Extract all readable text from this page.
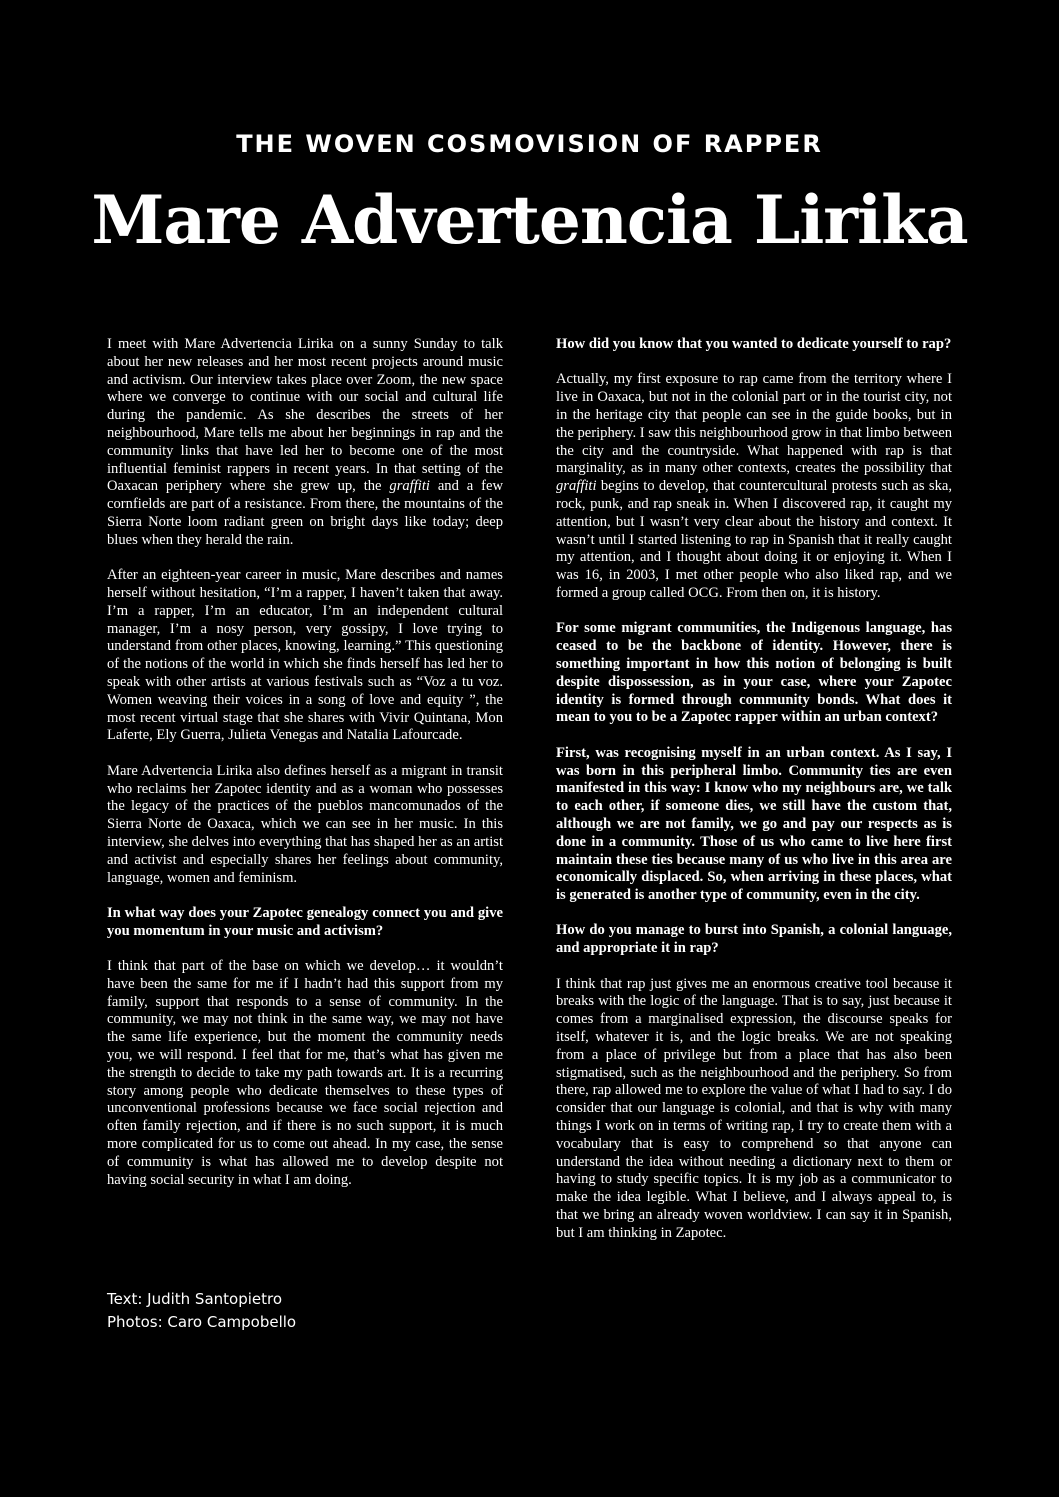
THE WOVEN COSMOVISION OF RAPPER
Mare Advertencia Lirika

I meet with Mare Advertencia Lirika on a sunny Sunday to talk about her new releases and her most recent projects around music and activism. Our interview takes place over Zoom, the new space where we converge to continue with our social and cultural life during the pandemic. As she describes the streets of her neighbourhood, Mare tells me about her beginnings in rap and the community links that have led her to become one of the most influential feminist rappers in recent years. In that setting of the Oaxacan periphery where she grew up, the graffiti and a few cornfields are part of a resistance. From there, the mountains of the Sierra Norte loom radiant green on bright days like today; deep blues when they herald the rain.

After an eighteen-year career in music, Mare describes and names herself without hesitation, “I’m a rapper, I haven’t taken that away. I’m a rapper, I’m an educator, I’m an independent cultural manager, I’m a nosy person, very gossipy, I love trying to understand from other places, knowing, learning.” This questioning of the notions of the world in which she finds herself has led her to speak with other artists at various festivals such as “Voz a tu voz. Women weaving their voices in a song of love and equity ”, the most recent virtual stage that she shares with Vivir Quintana, Mon Laferte, Ely Guerra, Julieta Venegas and Natalia Lafourcade.

Mare Advertencia Lirika also defines herself as a migrant in transit who reclaims her Zapotec identity and as a woman who possesses the legacy of the practices of the pueblos mancomunados of the Sierra Norte de Oaxaca, which we can see in her music. In this interview, she delves into everything that has shaped her as an artist and activist and especially shares her feelings about community, language, women and feminism.

In what way does your Zapotec genealogy connect you and give you momentum in your music and activism?

I think that part of the base on which we develop… it wouldn’t have been the same for me if I hadn’t had this support from my family, support that responds to a sense of community. In the community, we may not think in the same way, we may not have the same life experience, but the moment the community needs you, we will respond. I feel that for me, that’s what has given me the strength to decide to take my path towards art. It is a recurring story among people who dedicate themselves to these types of unconventional professions because we face social rejection and often family rejection, and if there is no such support, it is much more complicated for us to come out ahead. In my case, the sense of community is what has allowed me to develop despite not having social security in what I am doing.

How did you know that you wanted to dedicate yourself to rap?

Actually, my first exposure to rap came from the territory where I live in Oaxaca, but not in the colonial part or in the tourist city, not in the heritage city that people can see in the guide books, but in the periphery. I saw this neighbourhood grow in that limbo between the city and the countryside. What happened with rap is that marginality, as in many other contexts, creates the possibility that graffiti begins to develop, that countercultural protests such as ska, rock, punk, and rap sneak in. When I discovered rap, it caught my attention, but I wasn’t very clear about the history and context. It wasn’t until I started listening to rap in Spanish that it really caught my attention, and I thought about doing it or enjoying it. When I was 16, in 2003, I met other people who also liked rap, and we formed a group called OCG. From then on, it is history.

For some migrant communities, the Indigenous language, has ceased to be the backbone of identity. However, there is something important in how this notion of belonging is built despite dispossession, as in your case, where your Zapotec identity is formed through community bonds. What does it mean to you to be a Zapotec rapper within an urban context?

First, was recognising myself in an urban context. As I say, I was born in this peripheral limbo. Community ties are even manifested in this way: I know who my neighbours are, we talk to each other, if someone dies, we still have the custom that, although we are not family, we go and pay our respects as is done in a community. Those of us who came to live here first maintain these ties because many of us who live in this area are economically displaced. So, when arriving in these places, what is generated is another type of community, even in the city.

How do you manage to burst into Spanish, a colonial language, and appropriate it in rap?

I think that rap just gives me an enormous creative tool because it breaks with the logic of the language. That is to say, just because it comes from a marginalised expression, the discourse speaks for itself, whatever it is, and the logic breaks. We are not speaking from a place of privilege but from a place that has also been stigmatised, such as the neighbourhood and the periphery. So from there, rap allowed me to explore the value of what I had to say. I do consider that our language is colonial, and that is why with many things I work on in terms of writing rap, I try to create them with a vocabulary that is easy to comprehend so that anyone can understand the idea without needing a dictionary next to them or having to study specific topics. It is my job as a communicator to make the idea legible. What I believe, and I always appeal to, is that we bring an already woven worldview. I can say it in Spanish, but I am thinking in Zapotec.

Text: Judith Santopietro
Photos: Caro Campobello
